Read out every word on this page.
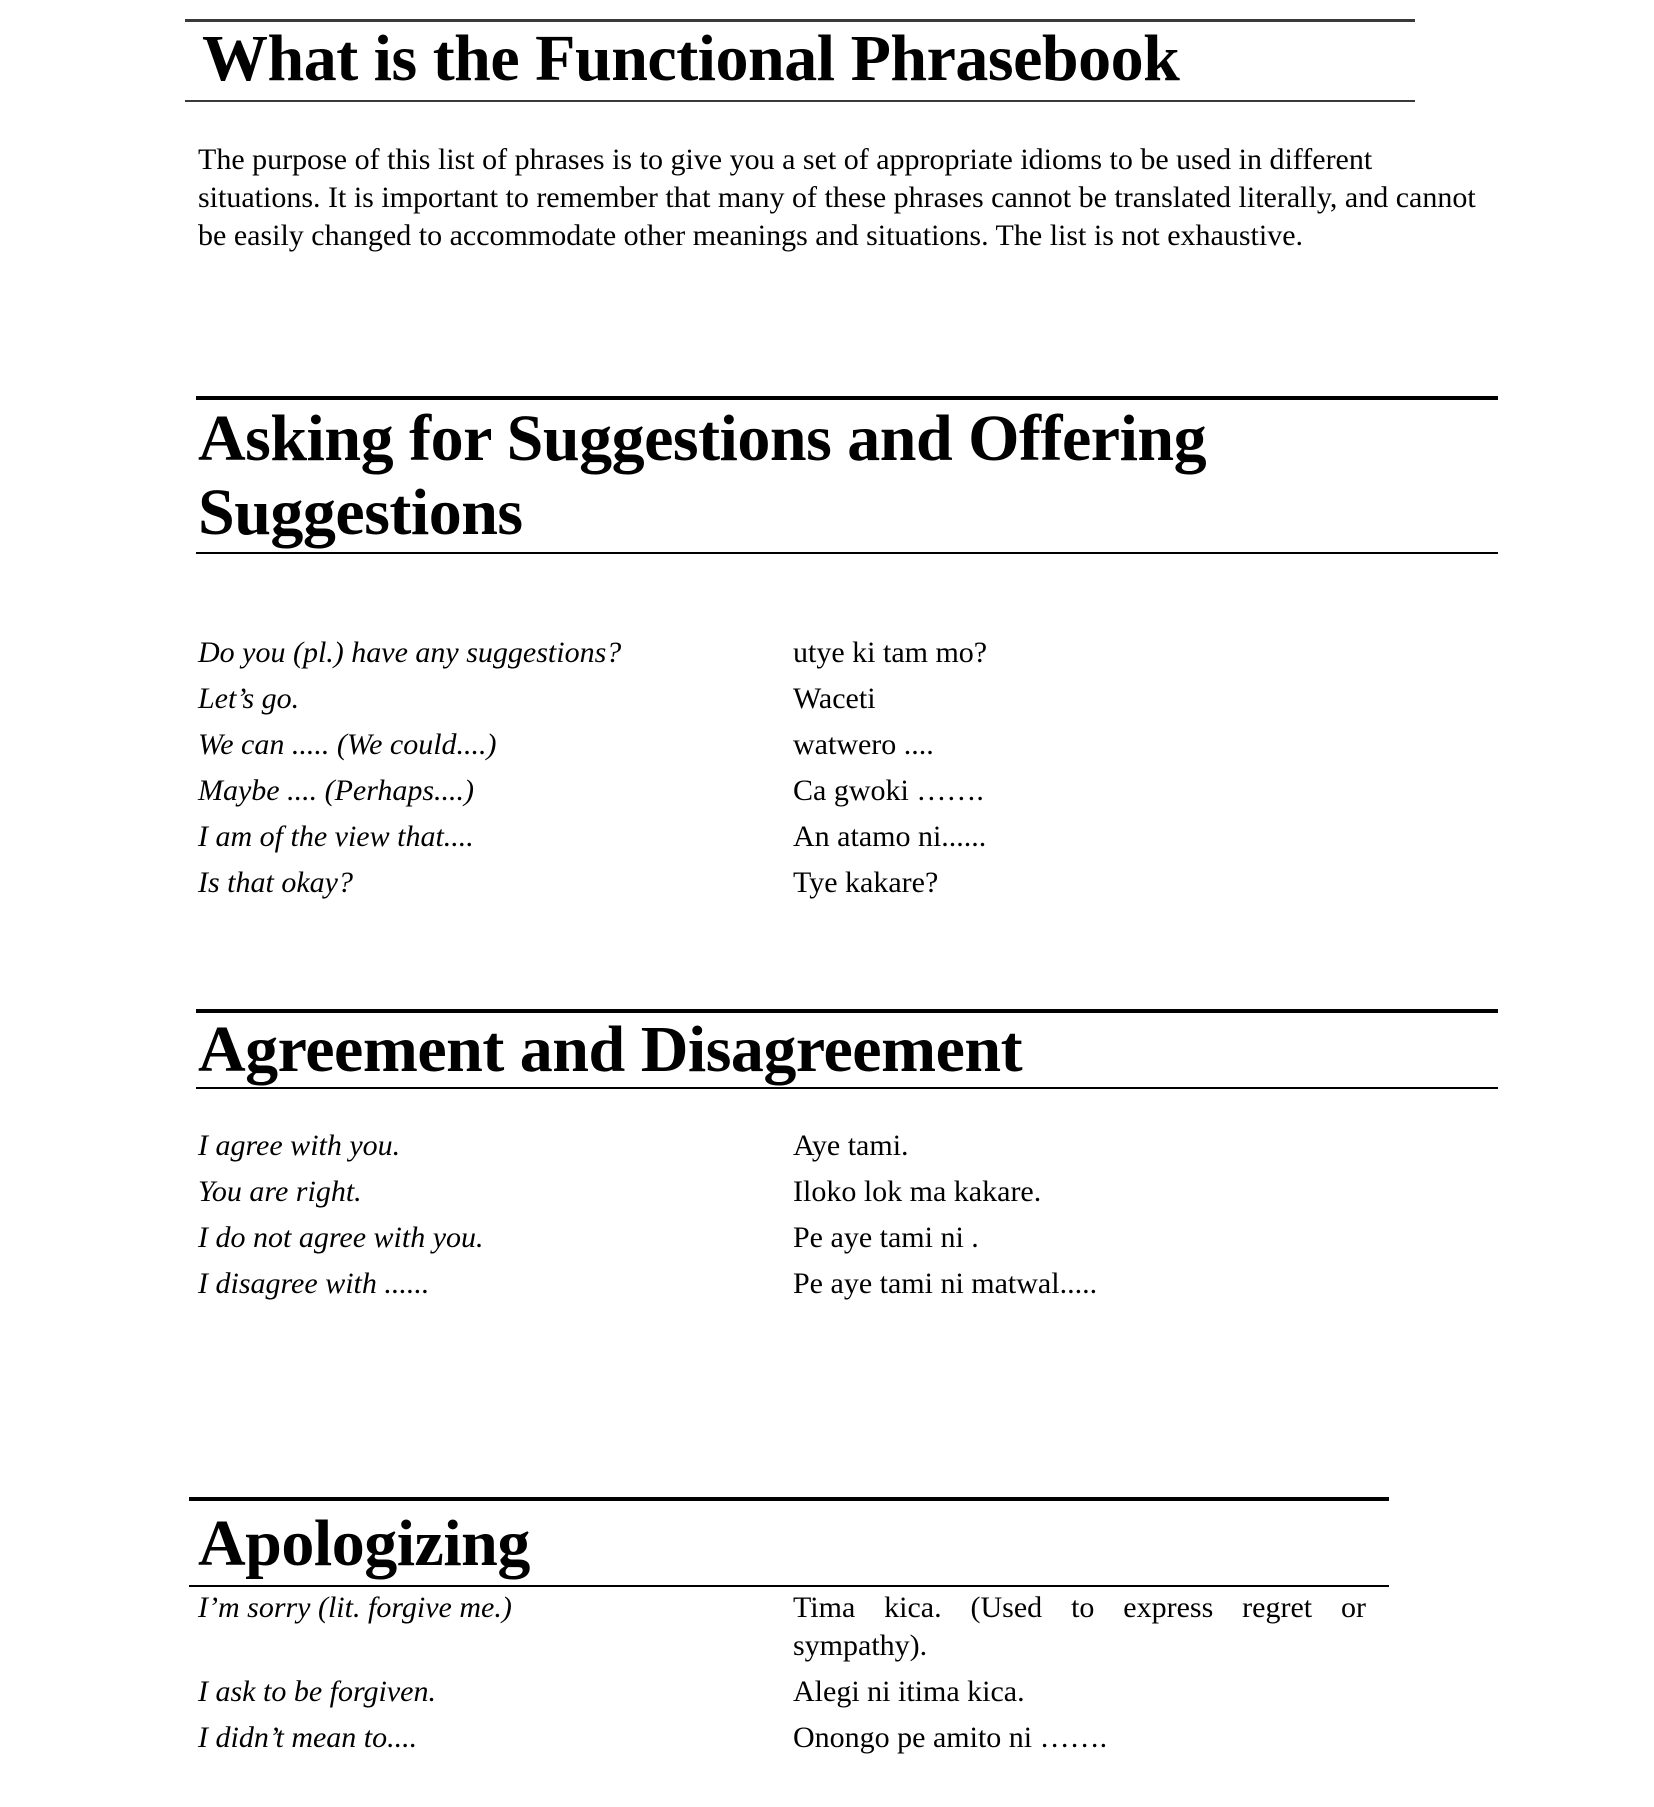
What is the Functional Phrasebook

The purpose of this list of phrases is to give you a set of appropriate idioms to be used in different situations. It is important to remember that many of these phrases cannot be translated literally, and cannot be easily changed to accommodate other meanings and situations. The list is not exhaustive.

Asking for Suggestions and Offering
Suggestions
Do you (pl.) have any suggestions?	utye ki tam mo?
Let’s go.	Waceti
We can ..... (We could....)	watwero ....
Maybe .... (Perhaps....)	Ca gwoki …….
I am of the view that....	An atamo ni......
Is that okay?	Tye kakare?
Agreement and Disagreement
I agree with you.	Aye tami.
You are right.	Iloko lok ma kakare.
I do not agree with you.	Pe aye tami ni .
I disagree with ......	Pe aye tami ni matwal.....
Apologizing
I’m sorry (lit. forgive me.)	Tima kica. (Used to express regret or sympathy).
I ask to be forgiven.	Alegi ni itima kica.
I didn’t mean to....	Onongo pe amito ni …….
